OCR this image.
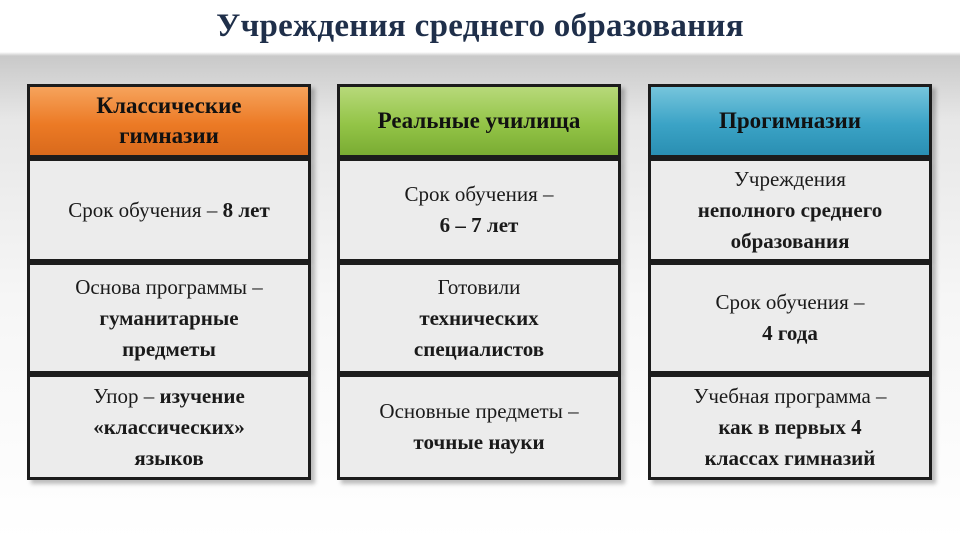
Учреждения среднего образования
Классические
гимназии
Срок обучения – 8 лет
Основа программы –
гуманитарные
предметы
Упор – изучение
«классических»
языков
Реальные училища
Срок обучения –
6 – 7 лет
Готовили
технических
специалистов
Основные предметы –
точные науки
Прогимназии
Учреждения
неполного среднего
образования
Срок обучения –
4 года
Учебная программа –
как в первых 4
классах гимназий
